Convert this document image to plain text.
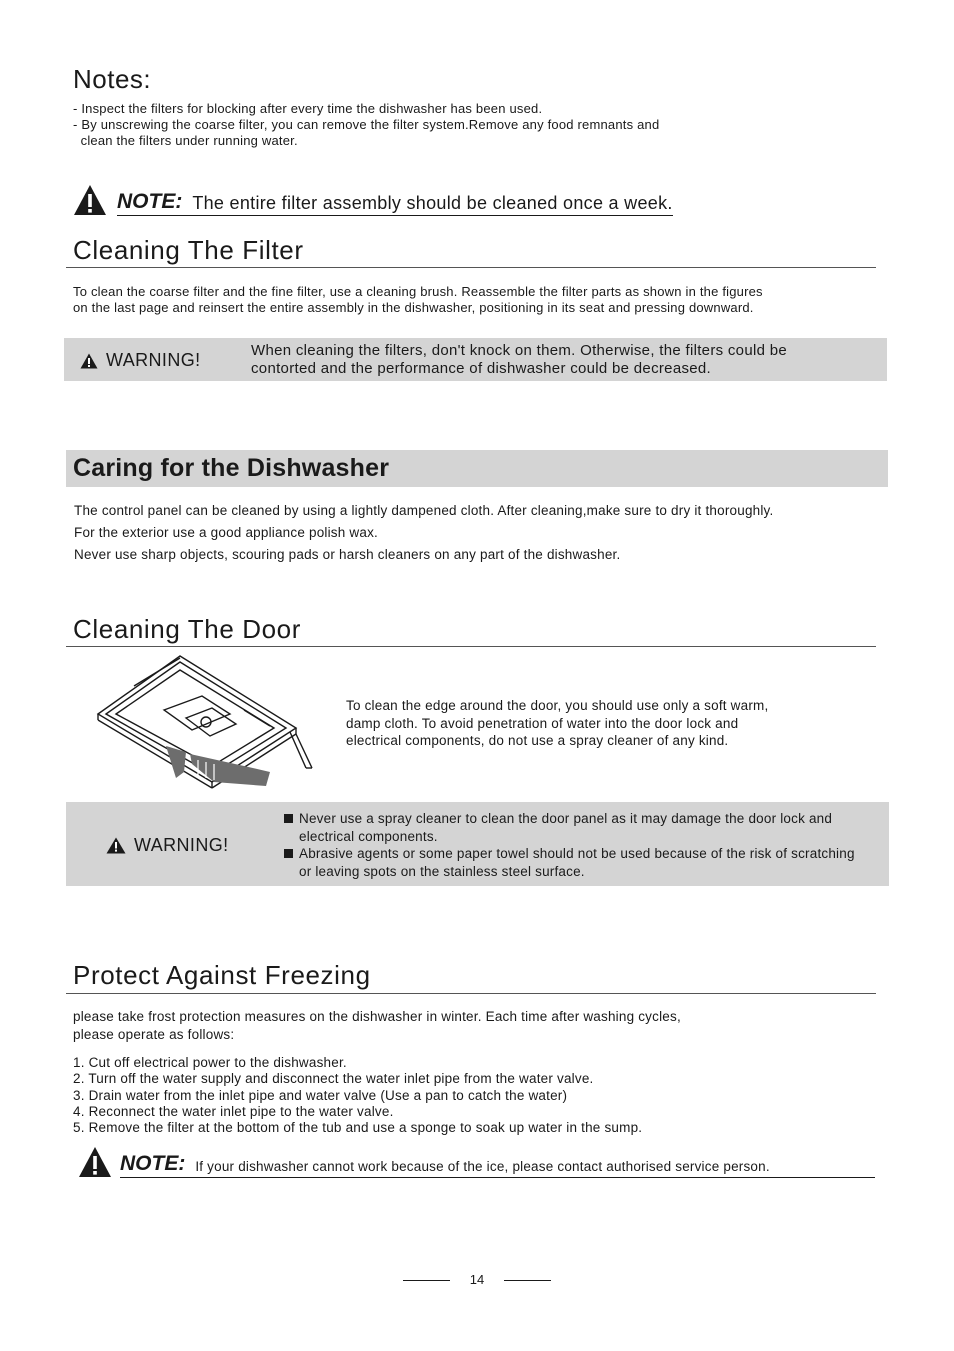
Notes:
- Inspect the filters for blocking after every time the dishwasher has been used.
- By unscrewing the coarse filter, you can remove the filter system.Remove any food remnants and
clean the filters under running water.
NOTE: The entire filter assembly should be cleaned once a week.
Cleaning The Filter
To clean the coarse filter and the fine filter, use a cleaning brush. Reassemble the filter parts as shown in the figures
on the last page and reinsert the entire assembly in the dishwasher, positioning in its seat and pressing downward.
WARNING!	When cleaning the filters, don't knock on them. Otherwise, the filters could be
contorted and the performance of dishwasher could be decreased.
Caring for the Dishwasher
The control panel can be cleaned by using a lightly dampened cloth. After cleaning,make sure to dry it thoroughly.
For the exterior use a good appliance polish wax.
Never use sharp objects, scouring pads or harsh cleaners on any part of the dishwasher.
Cleaning The Door
To clean the edge around the door, you should use only a soft warm,
damp cloth. To avoid penetration of water into the door lock and
electrical components, do not use a spray cleaner of any kind.
WARNING!
Never use a spray cleaner to clean the door panel as it may damage the door lock and electrical components.
Abrasive agents or some paper towel should not be used because of the risk of scratching or leaving spots on the stainless steel surface.
Protect Against Freezing
please take frost protection measures on the dishwasher in winter. Each time after washing cycles,
please operate as follows:
1. Cut off electrical power to the dishwasher.
2. Turn off the water supply and disconnect the water inlet pipe from the water valve.
3. Drain water from the inlet pipe and water valve (Use a pan to catch the water)
4. Reconnect the water inlet pipe to the water valve.
5. Remove the filter at the bottom of the tub and use a sponge to soak up water in the sump.
NOTE: If your dishwasher cannot work because of the ice, please contact authorised service person.
14
